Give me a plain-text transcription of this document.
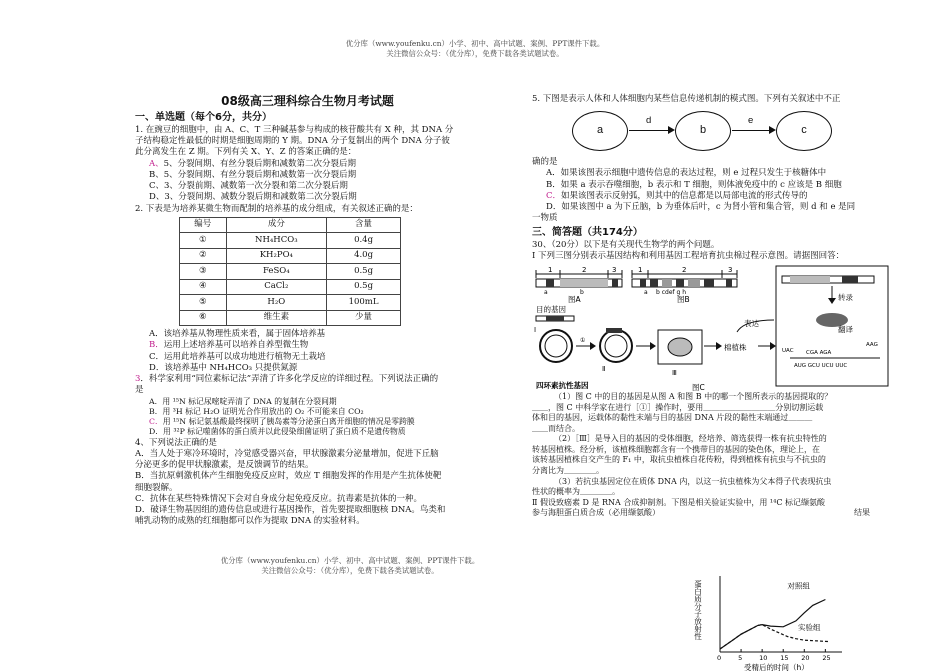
优分库（www.youfenku.cn）小学、初中、高中试题、案例、PPT课件下载。
关注微信公众号：（优分库），免费下载各类试题试卷。
08级高三理科综合生物月考试题
一、单选题（每个6分，共分）
1. 在豌豆的细胞中，由 A、C、T 三种碱基参与构成的核苷酸共有 X 种，其 DNA 分
子结构稳定性最低的时期是细胞周期的 Y 期。DNA 分子复制出的两个 DNA 分子彼
此分离发生在 Z 期。下列有关 X、Y、Z 的答案正确的是：
A、5、分裂间期、有丝分裂后期和减数第二次分裂后期
B、5、分裂间期、有丝分裂后期和减数第一次分裂后期
C、3、分裂前期、减数第一次分裂和第二次分裂后期
D、3、分裂间期、减数分裂后期和减数第二次分裂后期
2. 下表是为培养某微生物而配制的培养基的成分组成，有关叙述正确的是：
编号	成分	含量
①	NH₄HCO₃	0.4g
②	KH₂PO₄	4.0g
③	FeSO₄	0.5g
④	CaCl₂	0.5g
⑤	H₂O	100mL
⑥	维生素	少量
A．该培养基从物理性质来看，属于固体培养基
B．运用上述培养基可以培养自养型微生物
C．运用此培养基可以成功地进行植物无土栽培
D．该培养基中 NH₄HCO₃ 只提供氮源
3．科学家利用“同位素标记法”弄清了许多化学反应的详细过程。下列说法正确的
是
A．用 ¹⁵N 标记尿嘧啶弄清了 DNA 的复制在分裂间期
B．用 ³H 标记 H₂O 证明光合作用放出的 O₂ 不可能来自 CO₂
C．用 ¹⁵N 标记氨基酸最终探明了胰岛素等分泌蛋白离开细胞的情况是零跨膜
D．用 ³²P 标记噬菌体的蛋白质并以此侵染细菌证明了蛋白质不是遗传物质
4、下列说法正确的是
A．当人处于寒冷环境时，冷觉感受器兴奋，甲状腺激素分泌量增加，促进下丘脑
分泌更多的促甲状腺激素，是反馈调节的结果。
B．当抗原刺激机体产生细胞免疫反应时，效应 T 细胞发挥的作用是产生抗体使靶
细胞裂解。
C．抗体在某些特殊情况下会对自身成分起免疫反应。抗毒素是抗体的一种。
D．破译生物基因组的遗传信息或进行基因操作，首先要提取细胞核 DNA。鸟类和
哺乳动物的成熟的红细胞都可以作为提取 DNA 的实验材料。
5. 下图是表示人体和人体细胞内某些信息传递机制的模式图。下列有关叙述中不正
a
d
b
e
c
确的是
A．如果该图表示细胞中遗传信息的表达过程，则 e 过程只发生于核糖体中
B．如果 a 表示吞噬细胞，b 表示和 T 细胞，则体液免疫中的 c 应该是 B 细胞
C．如果该图表示反射弧，则其中的信息都是以局部电流的形式传导的
D．如果该图中 a 为下丘脑，b 为垂体后叶，c 为肾小管和集合管，则 d 和 e 是同
一物质
三、简答题（共174分）
30、（20分）以下是有关现代生物学的两个问题。
Ⅰ 下列三图分别表示基因结构和利用基因工程培育抗虫棉过程示意图。请据图回答：
1	2	3
a	b
图A
1	2	3
a b cdef g h
图B
目的基因
Ⅰ
①
Ⅱ	Ⅲ
棉植株
表达
四环素抗性基因
转录
翻译
AUG GCU UCU UUC
CGA AGA
UAC
AAG
图C
（1）图 C 中的目的基因是从图 A 和图 B 中的哪一个图所表示的基因提取的？
＿＿，图 C 中科学家在进行［①］操作时，要用＿＿＿＿＿＿＿＿＿分别切割运载
体和目的基因，运载体的黏性末端与目的基因 DNA 片段的黏性末端通过＿＿＿
＿＿而结合。
（2）［Ⅲ］是导入目的基因的受体细胞，经培养、筛选获得一株有抗虫特性的
转基因植株。经分析，该植株细胞都含有一个携带目的基因的染色体，理论上，在
该转基因植株自交产生的 F₁ 中，取抗虫植株自花传粉，得到植株有抗虫与不抗虫的
分离比为＿＿＿＿。
（3）若抗虫基因定位在质体 DNA 内，以这一抗虫植株为父本得子代表现抗虫
性状的概率为＿＿＿＿。
Ⅱ 假设致癌素 D 是 RNA 合成抑制剂。下图是相关验证实验中，用 ¹⁴C 标记缬氨酸
参与海胆蛋白质合成（必用缬氨酸）	结果
0	5	10 15 20 25
对照组
实验组
蛋白质分子放射性
受精后的时间（h）
优分库（www.youfenku.cn）小学、初中、高中试题、案例、PPT课件下载。
关注微信公众号：（优分库），免费下载各类试题试卷。
